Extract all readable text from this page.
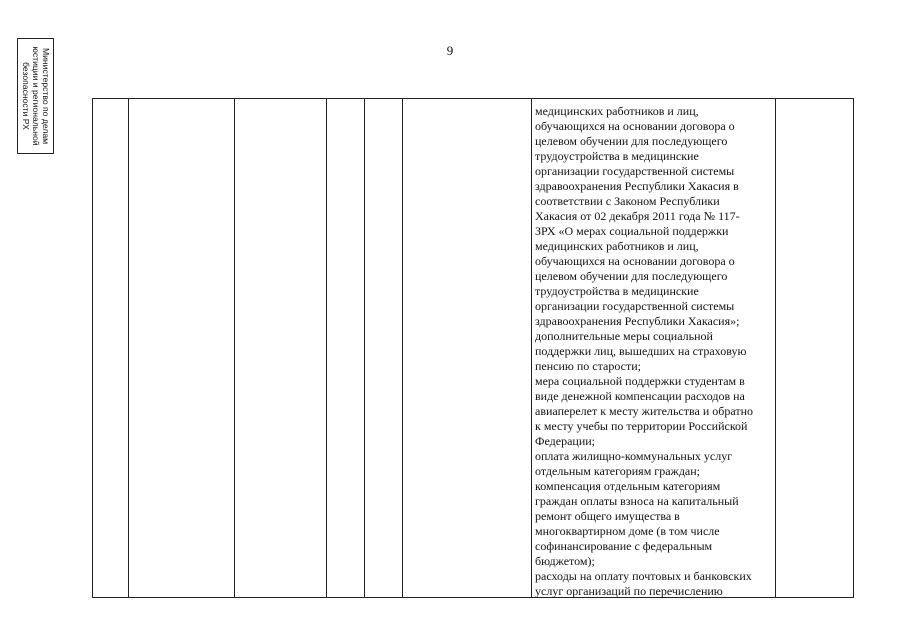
Министерство по делам
юстиции и региональной
безопасности РХ
9
медицинских работников и лиц,
обучающихся на основании договора о
целевом обучении для последующего
трудоустройства в медицинские
организации государственной системы
здравоохранения Республики Хакасия в
соответствии с Законом Республики
Хакасия от 02 декабря 2011 года № 117-
ЗРХ «О мерах социальной поддержки
медицинских работников и лиц,
обучающихся на основании договора о
целевом обучении для последующего
трудоустройства в медицинские
организации государственной системы
здравоохранения Республики Хакасия»;
дополнительные меры социальной
поддержки лиц, вышедших на страховую
пенсию по старости;
мера социальной поддержки студентам в
виде денежной компенсации расходов на
авиаперелет к месту жительства и обратно
к месту учебы по территории Российской
Федерации;
оплата жилищно-коммунальных услуг
отдельным категориям граждан;
компенсация отдельным категориям
граждан оплаты взноса на капитальный
ремонт общего имущества в
многоквартирном доме (в том числе
софинансирование с федеральным
бюджетом);
расходы на оплату почтовых и банковских
услуг организаций по перечислению
